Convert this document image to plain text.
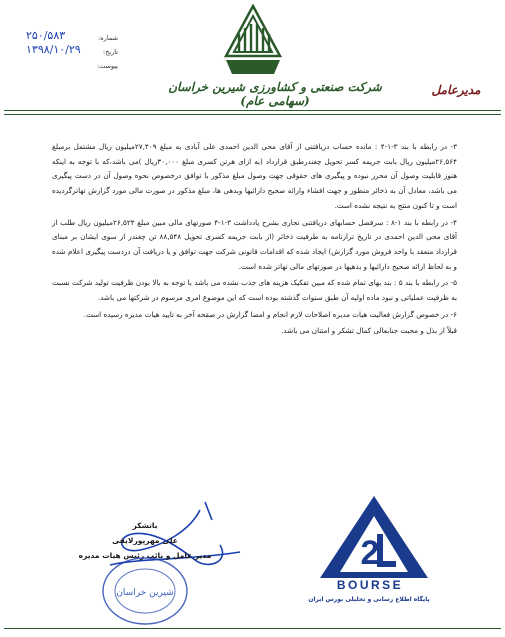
شماره:
۲۵۰/۵۸۳
تاریخ:
۱۳۹۸/۱۰/۲۹
پیوست:
شرکت صنعتی و کشاورزی شیرین خراسان (سهامی عام)
مدیرعامل

۳- در رابطه با بند ۳-۱-۴ : مانده حساب دریافتنی از آقای محی الدین احمدی علی آبادی به مبلغ ۲۷,۴۰۹میلیون ریال مشتمل برمبلغ ۲۶,۵۶۴میلیون ریال بابت جریمه کسر تحویل چغندرطبق قرارداد (به ازای هرتن کسری مبلغ ۳۰,۰۰۰ریال )می باشد،که با توجه به اینکه هنوز قابلیت وصول آن محرز نبوده و پیگیری های حقوقی جهت وصول مبلغ مذکور با توافق درخصوص نحوه وصول آن در دست پیگیری می باشد، معادل آن به ذخائر منظور و جهت افشاء وارائه صحیح دارائیها وبدهی ها، مبلغ مذکور در صورت مالی مورد گزارش تهاترگردیده است و تا کنون منتج به نتیجه نشده است.

۴- در رابطه با بند ۱-۸ : سرفصل حسابهای دریافتنی تجاری بشرح یادداشت ۳-۱-۴ صورتهای مالی مبین مبلغ ۲۶,۵۲۴میلیون ریال طلب از آقای محی الدین احمدی در تاریخ ترازنامه به طرفیت ذخائر (از بابت جریمه کسری تحویل ۸۸,۵۴۸ تن چغندر از سوی ایشان بر مبنای قرارداد منعقد با واحد فروش مورد گزارش) ایجاد شده که اقدامات قانونی شرکت جهت توافق و یا دریافت آن دردست پیگیری اعلام شده و به لحاظ ارائه صحیح دارائیها و بدهیها در صورتهای مالی تهاتر شده است.

۵- در رابطه با بند ۵ : بند بهای تمام شده که مبین تفکیک هزینه های جذب نشده می باشد با توجه به بالا بودن ظرفیت تولید شرکت نسبت به ظرفیت عملیاتی و نبود ماده اولیه آن طبق سنوات گذشته بوده است که این موضوع امری مرسوم در شرکتها می باشد.

۶- در خصوص گزارش فعالیت هیات مدیره اصلاحات لازم انجام و امضا گزارش در صفحه آخر به تایید هیات مدیره رسیده است.

قبلاً از بذل و محبت جنابعالی کمال تشکر و امتنان می باشد.

باتشکر
علی مهرپورلایقی
مدیر عامل و نائب رئیس هیات مدیره
شیرین خراسان
2
BOURSE
پایگاه اطلاع رسانی و تحلیلی بورس ایران
